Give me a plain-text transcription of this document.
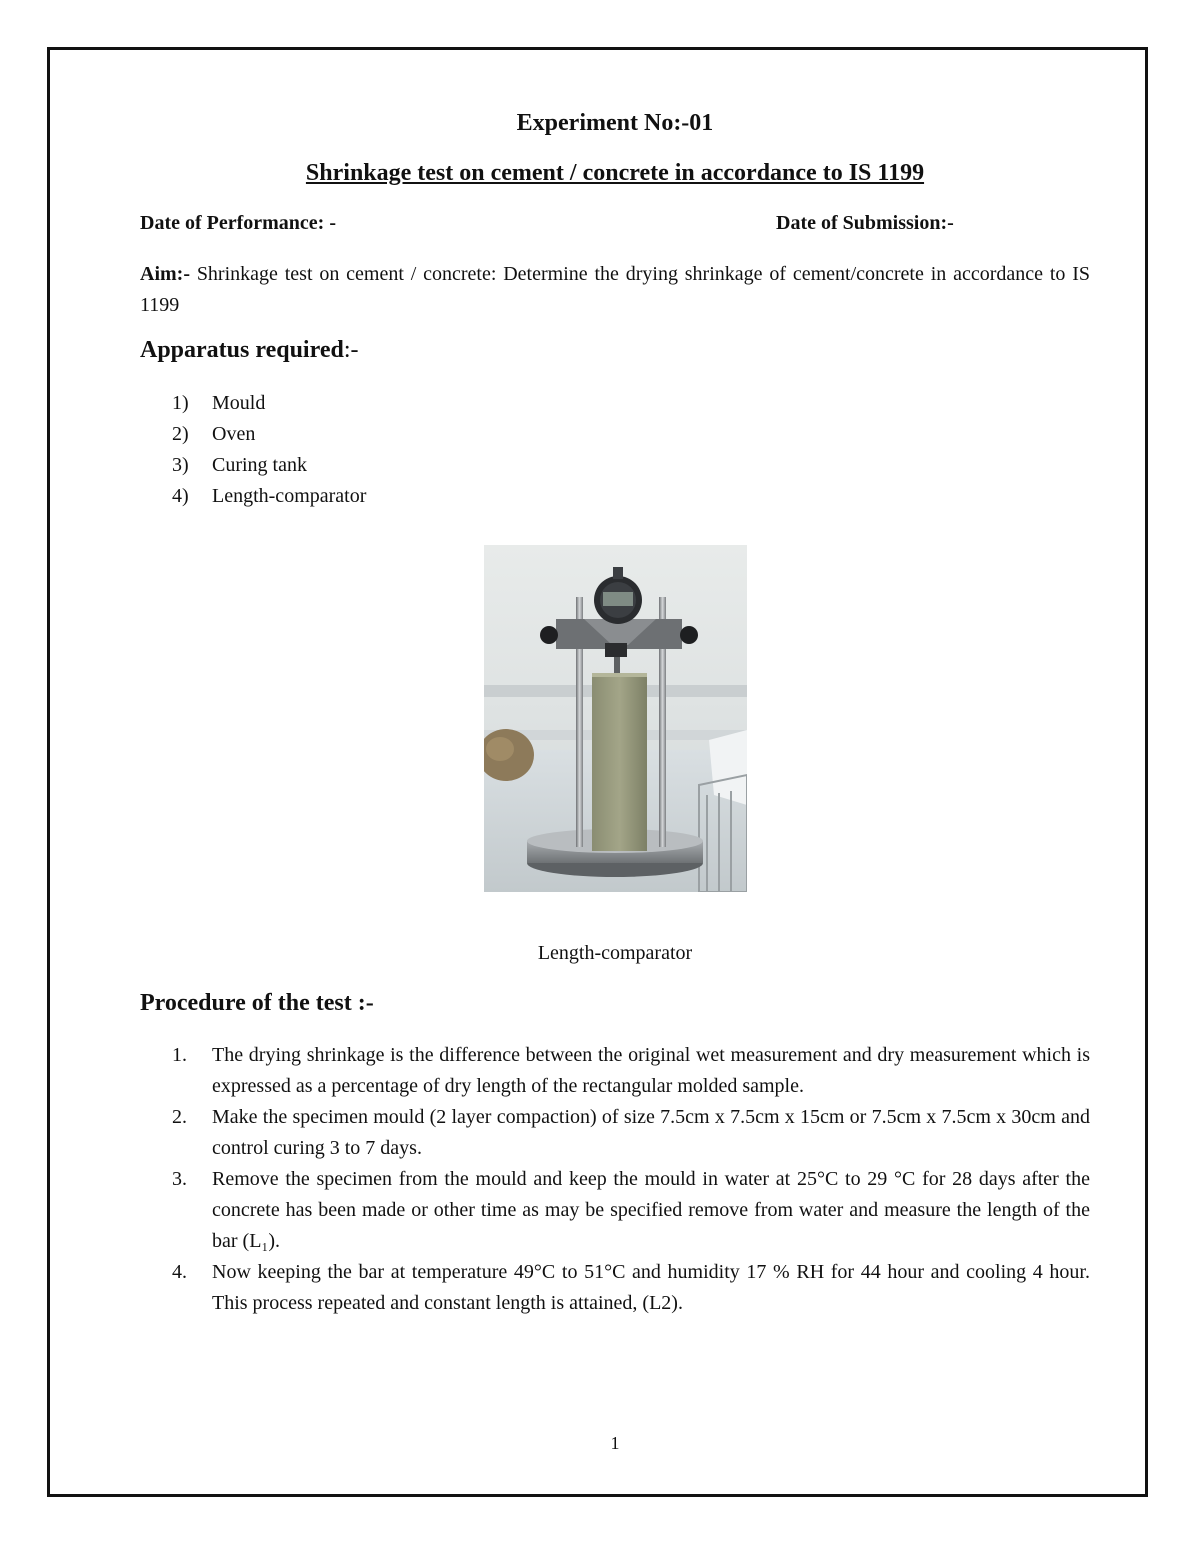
Experiment No:-01
Shrinkage test on cement / concrete in accordance to IS 1199
Date of Performance: -	Date of Submission:-
Aim:- Shrinkage test on cement / concrete: Determine the drying shrinkage of cement/concrete in accordance to IS 1199
Apparatus required:-
1)	Mould
2)	Oven
3)	Curing tank
4)	Length-comparator
Length-comparator
Procedure of the test :-
1.	The drying shrinkage is the difference between the original wet measurement and dry measurement which is expressed as a percentage of dry length of the rectangular molded sample.
2.	Make the specimen mould (2 layer compaction) of size 7.5cm x 7.5cm x 15cm or 7.5cm x 7.5cm x 30cm and control curing 3 to 7 days.
3.	Remove the specimen from the mould and keep the mould in water at 25°C to 29 °C for 28 days after the concrete has been made or other time as may be specified remove from water and measure the length of the bar (L₁).
4.	Now keeping the bar at temperature 49°C to 51°C and humidity 17 % RH for 44 hour and cooling 4 hour. This process repeated and constant length is attained, (L2).
1
